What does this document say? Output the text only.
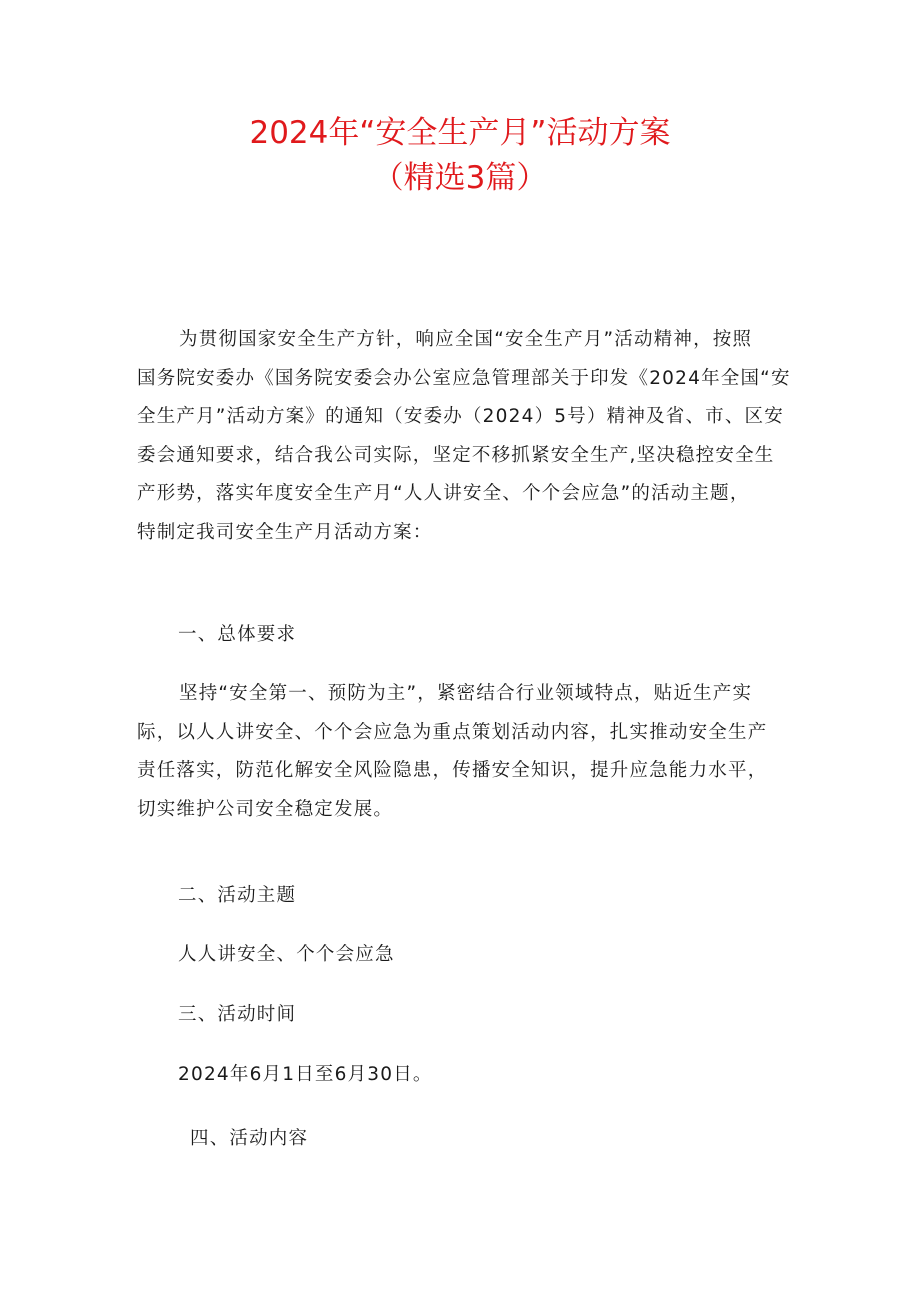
2024年“安全生产月”活动方案
（精选3篇）
为贯彻国家安全生产方针，响应全国“安全生产月”活动精神，按照
国务院安委办《国务院安委会办公室应急管理部关于印发《2024年全国“安
全生产月”活动方案》的通知（安委办（2024）5号）精神及省、市、区安
委会通知要求，结合我公司实际，坚定不移抓紧安全生产,坚决稳控安全生
产形势，落实年度安全生产月“人人讲安全、个个会应急”的活动主题，
特制定我司安全生产月活动方案：
一、总体要求
坚持“安全第一、预防为主”，紧密结合行业领域特点，贴近生产实
际，以人人讲安全、个个会应急为重点策划活动内容，扎实推动安全生产
责任落实，防范化解安全风险隐患，传播安全知识，提升应急能力水平，
切实维护公司安全稳定发展。
二、活动主题
人人讲安全、个个会应急
三、活动时间
2024年6月1日至6月30日。
四、活动内容
